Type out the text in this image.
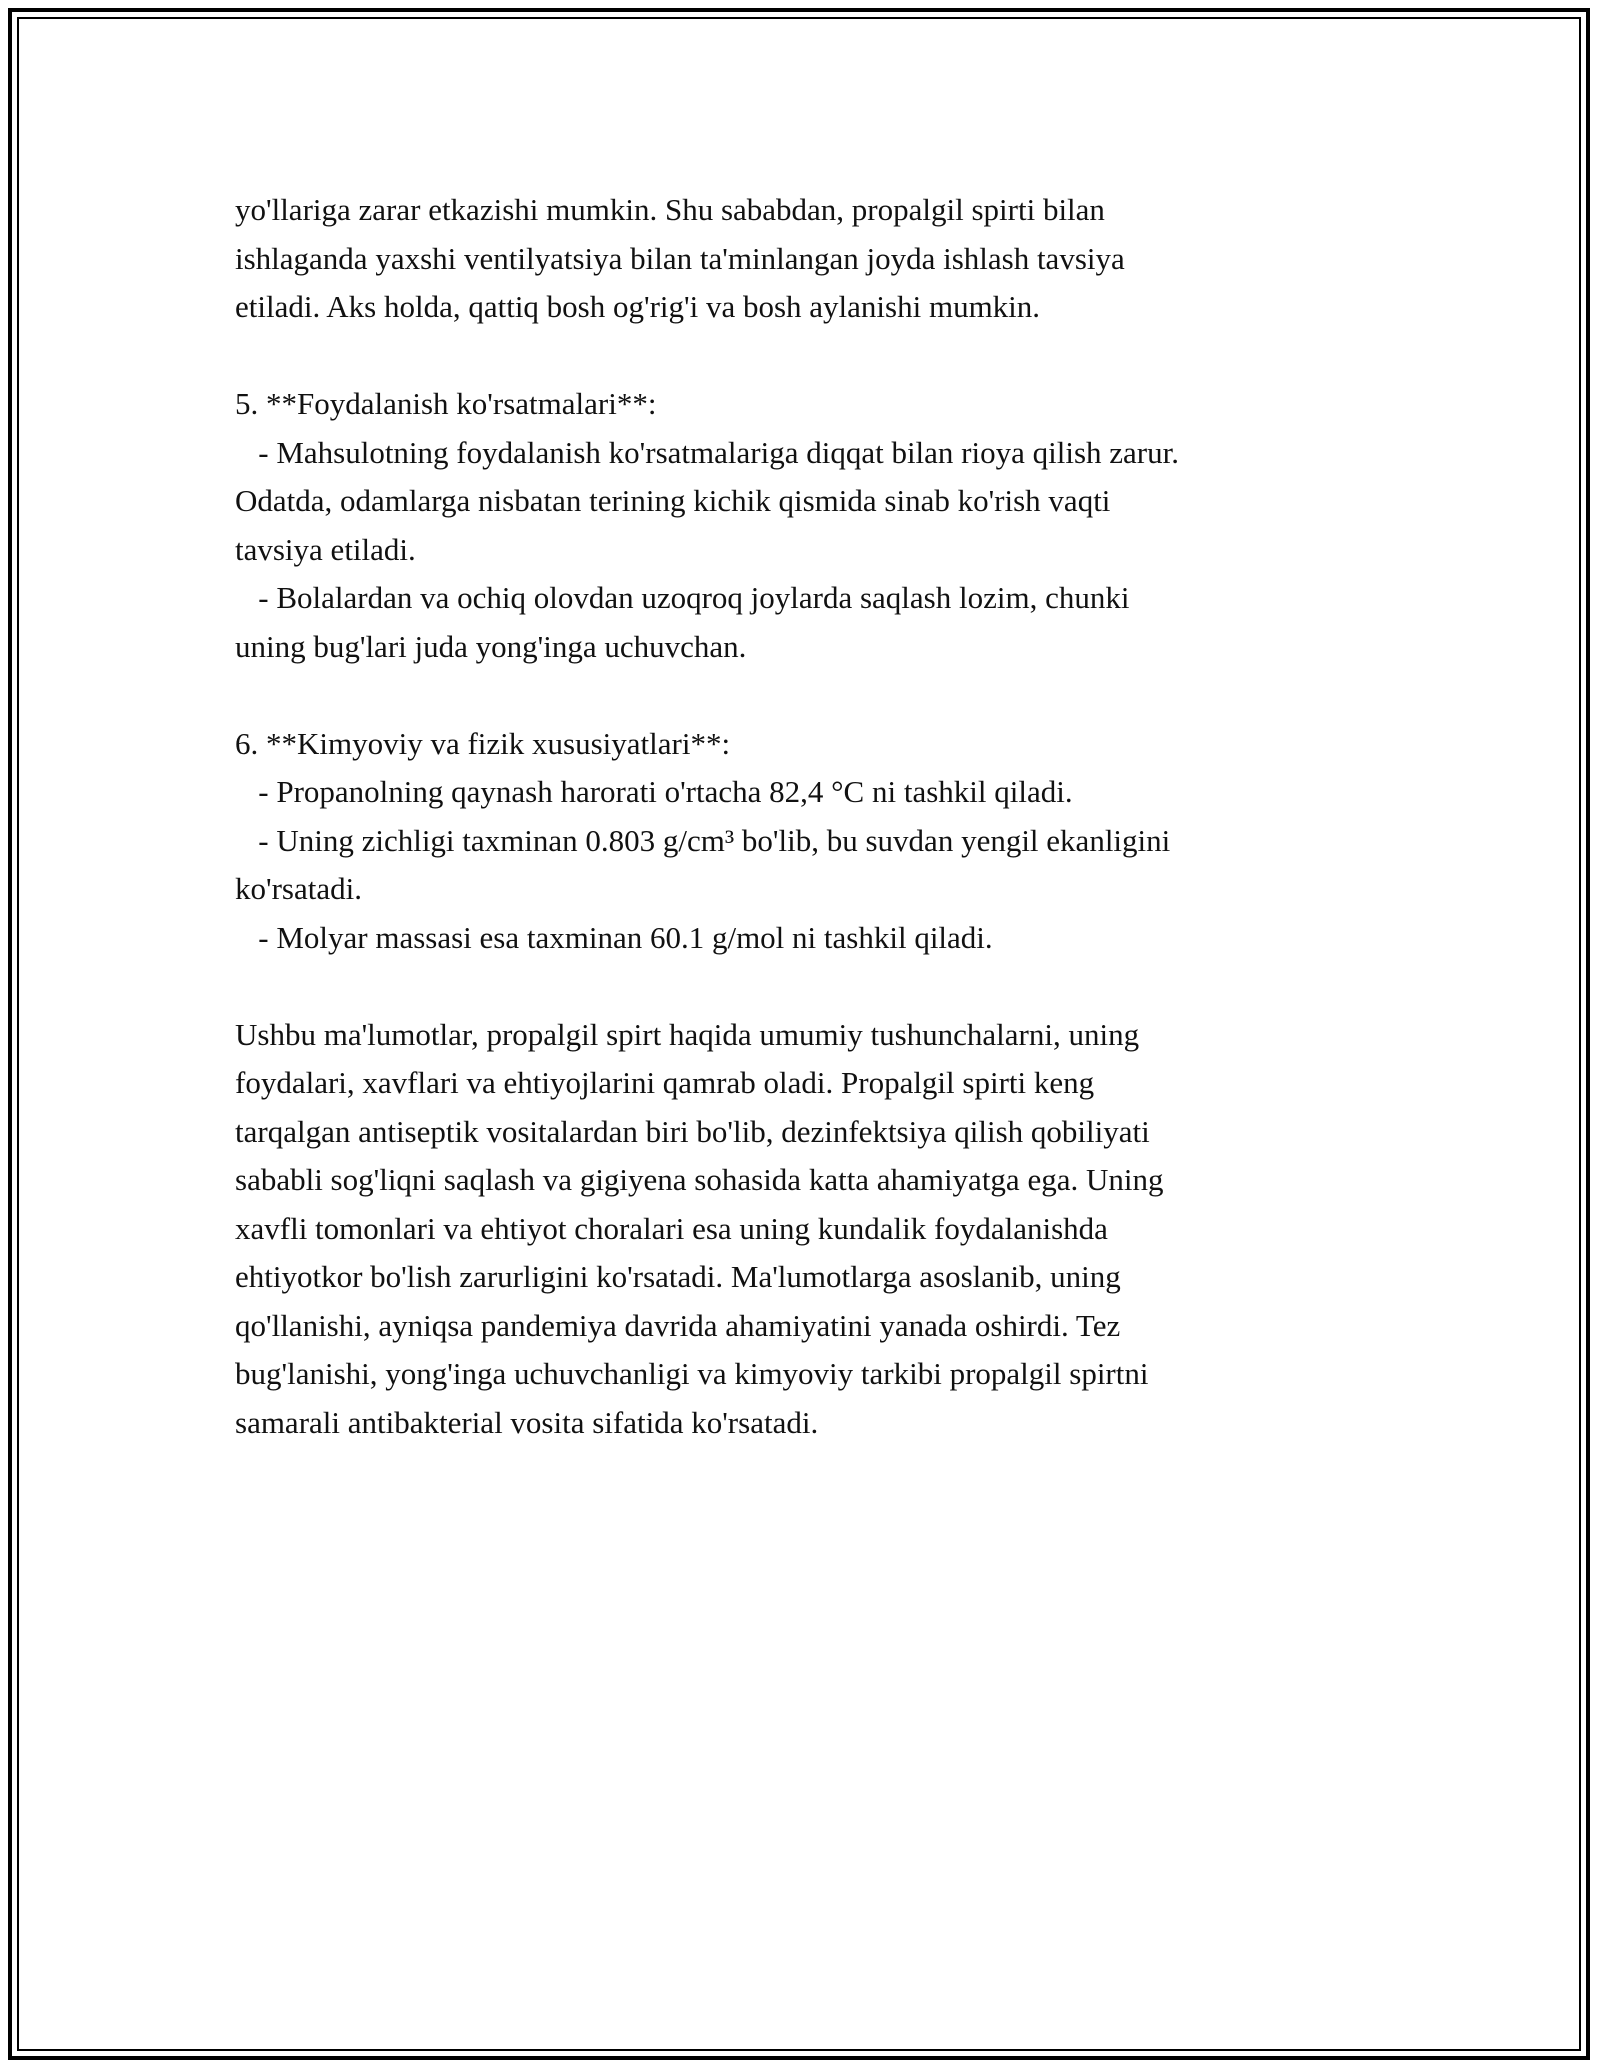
yo'llariga zarar etkazishi mumkin. Shu sababdan, propalgil spirti bilan

ishlaganda yaxshi ventilyatsiya bilan ta'minlangan joyda ishlash tavsiya

etiladi. Aks holda, qattiq bosh og'rig'i va bosh aylanishi mumkin.

5. **Foydalanish ko'rsatmalari**:

- Mahsulotning foydalanish ko'rsatmalariga diqqat bilan rioya qilish zarur.

Odatda, odamlarga nisbatan terining kichik qismida sinab ko'rish vaqti

tavsiya etiladi.

- Bolalardan va ochiq olovdan uzoqroq joylarda saqlash lozim, chunki

uning bug'lari juda yong'inga uchuvchan.

6. **Kimyoviy va fizik xususiyatlari**:

- Propanolning qaynash harorati o'rtacha 82,4 °C ni tashkil qiladi.

- Uning zichligi taxminan 0.803 g/cm³ bo'lib, bu suvdan yengil ekanligini

ko'rsatadi.

- Molyar massasi esa taxminan 60.1 g/mol ni tashkil qiladi.

Ushbu ma'lumotlar, propalgil spirt haqida umumiy tushunchalarni, uning

foydalari, xavflari va ehtiyojlarini qamrab oladi. Propalgil spirti keng

tarqalgan antiseptik vositalardan biri bo'lib, dezinfektsiya qilish qobiliyati

sababli sog'liqni saqlash va gigiyena sohasida katta ahamiyatga ega. Uning

xavfli tomonlari va ehtiyot choralari esa uning kundalik foydalanishda

ehtiyotkor bo'lish zarurligini ko'rsatadi. Ma'lumotlarga asoslanib, uning

qo'llanishi, ayniqsa pandemiya davrida ahamiyatini yanada oshirdi. Tez

bug'lanishi, yong'inga uchuvchanligi va kimyoviy tarkibi propalgil spirtni

samarali antibakterial vosita sifatida ko'rsatadi.
